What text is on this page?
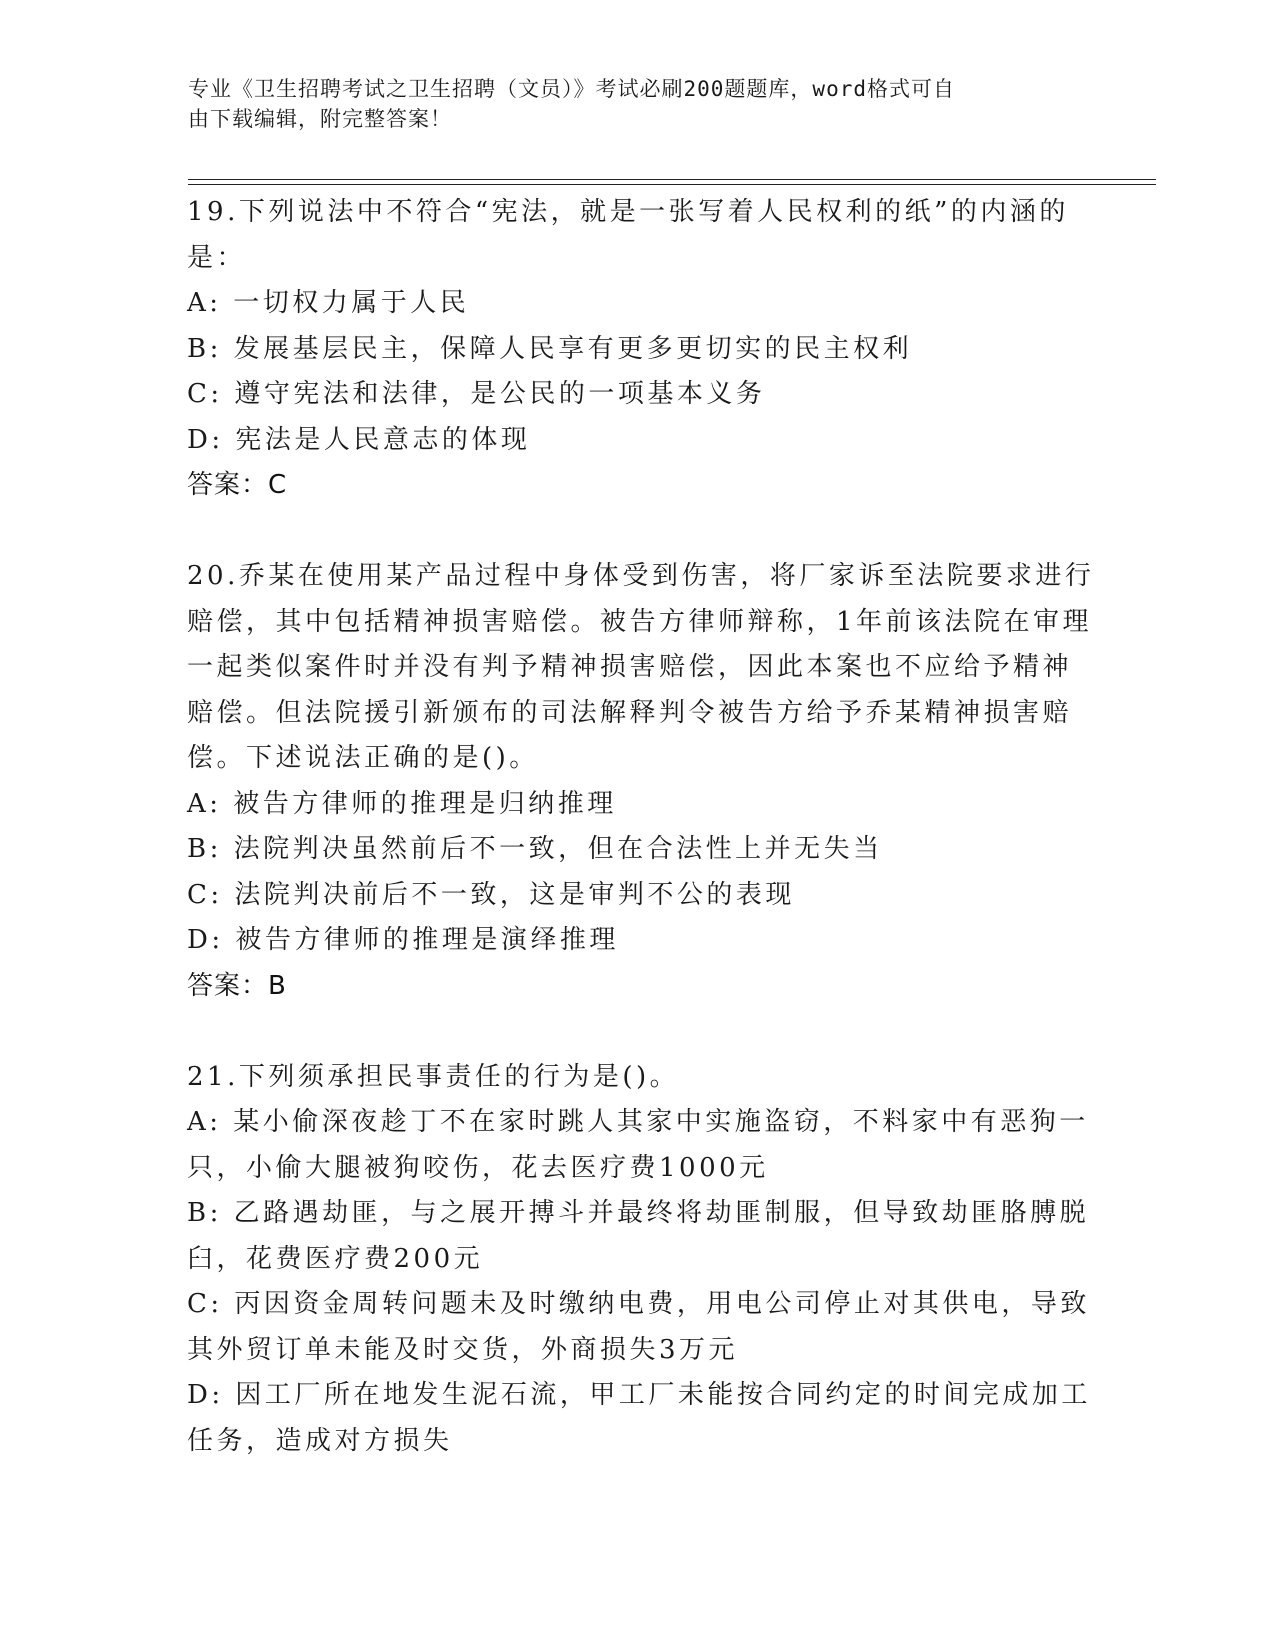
专业《卫生招聘考试之卫生招聘（文员）》考试必刷200题题库，word格式可自
由下载编辑，附完整答案！
19.下列说法中不符合“宪法，就是一张写着人民权利的纸”的内涵的
是：
A: 一切权力属于人民
B: 发展基层民主，保障人民享有更多更切实的民主权利
C: 遵守宪法和法律，是公民的一项基本义务
D: 宪法是人民意志的体现
答案：C
20.乔某在使用某产品过程中身体受到伤害，将厂家诉至法院要求进行
赔偿，其中包括精神损害赔偿。被告方律师辩称，1年前该法院在审理
一起类似案件时并没有判予精神损害赔偿，因此本案也不应给予精神
赔偿。但法院援引新颁布的司法解释判令被告方给予乔某精神损害赔
偿。下述说法正确的是()。
A: 被告方律师的推理是归纳推理
B: 法院判决虽然前后不一致，但在合法性上并无失当
C: 法院判决前后不一致，这是审判不公的表现
D: 被告方律师的推理是演绎推理
答案：B
21.下列须承担民事责任的行为是()。
A: 某小偷深夜趁丁不在家时跳人其家中实施盗窃，不料家中有恶狗一
只，小偷大腿被狗咬伤，花去医疗费1000元
B: 乙路遇劫匪，与之展开搏斗并最终将劫匪制服，但导致劫匪胳膊脱
臼，花费医疗费200元
C: 丙因资金周转问题未及时缴纳电费，用电公司停止对其供电，导致
其外贸订单未能及时交货，外商损失3万元
D: 因工厂所在地发生泥石流，甲工厂未能按合同约定的时间完成加工
任务，造成对方损失
